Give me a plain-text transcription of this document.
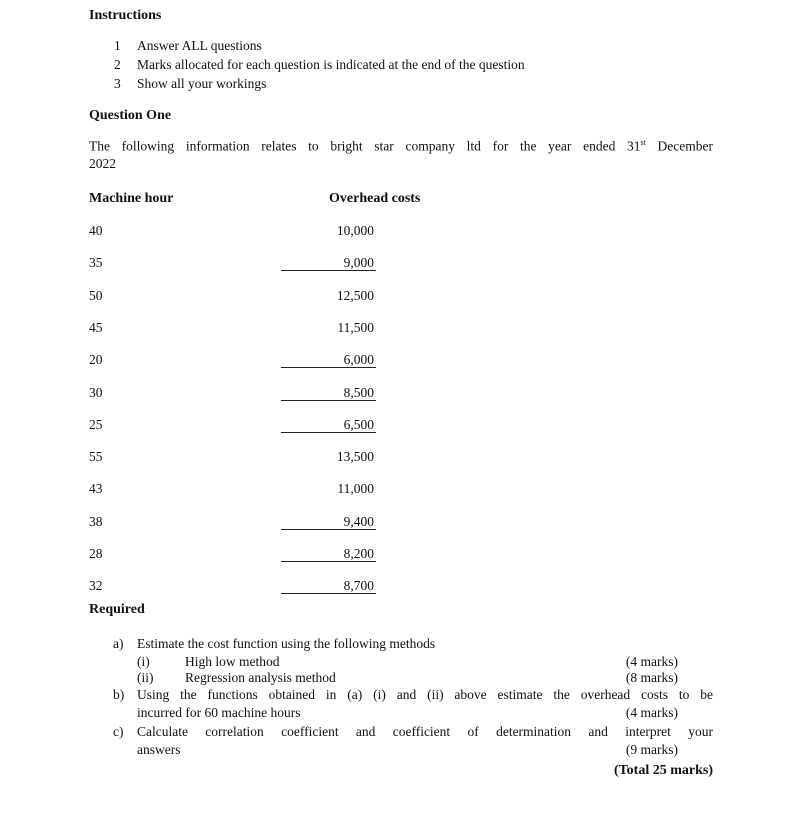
Instructions
1 Answer ALL questions
2 Marks allocated for each question is indicated at the end of the question
3 Show all your workings
Question One
The following information relates to bright star company ltd for the year ended 31st December
2022
Machine hour	Overhead costs
40	10,000
35	9,000
50	12,500
45	11,500
20	6,000
30	8,500
25	6,500
55	13,500
43	11,000
38	9,400
28	8,200
32	8,700
Required
a) Estimate the cost function using the following methods
(i)	High low method	(4 marks)
(ii) Regression analysis method	(8 marks)
b) Using the functions obtained in (a) (i) and (ii) above estimate the overhead costs to be
incurred for 60 machine hours	(4 marks)
c) Calculate correlation coefficient and coefficient of determination and interpret your
answers	(9 marks)
(Total 25 marks)
